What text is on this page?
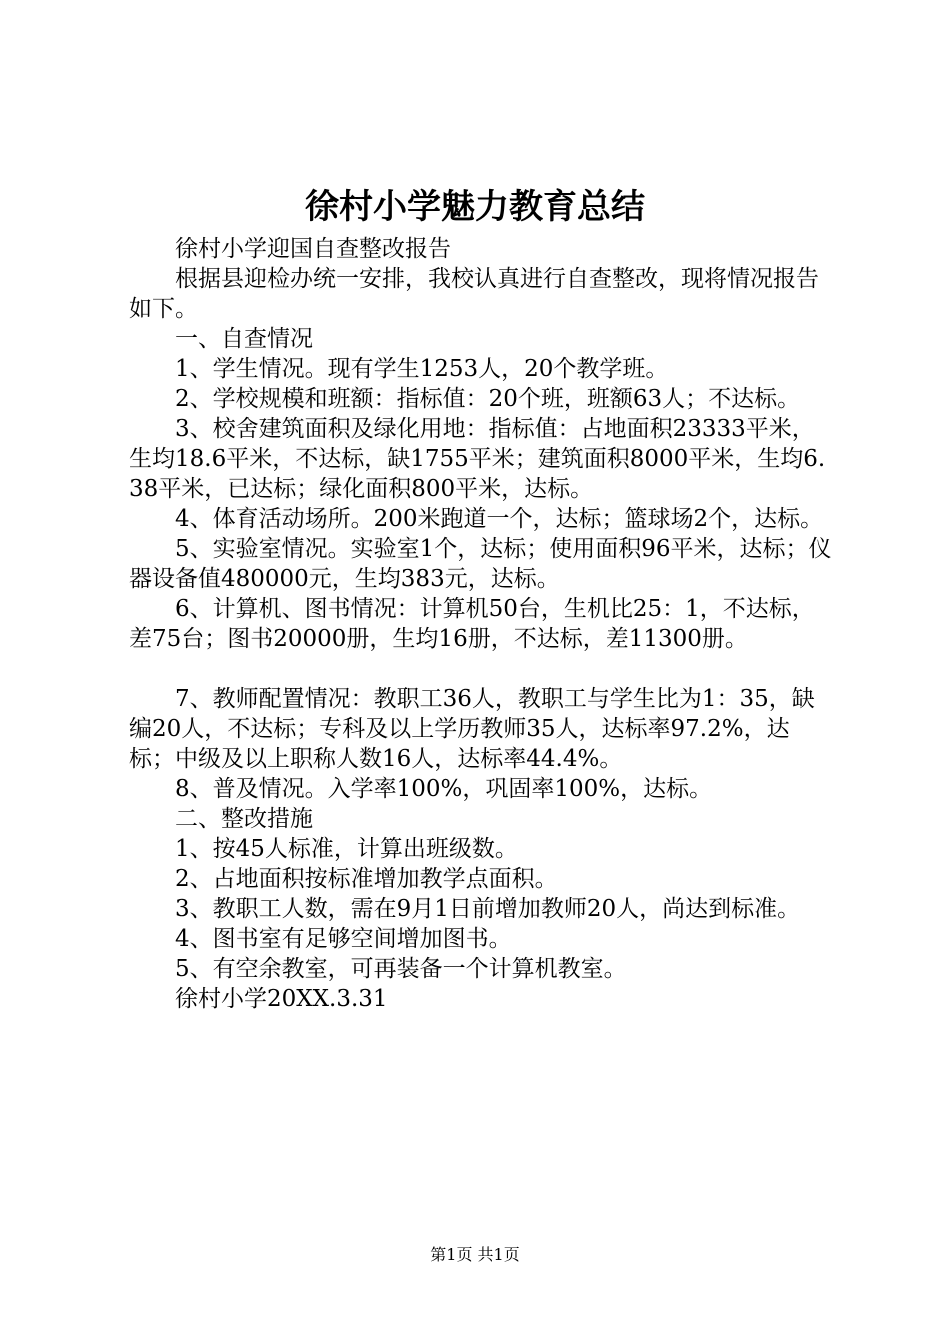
徐村小学魅力教育总结

徐村小学迎国自查整改报告

根据县迎检办统一安排，我校认真进行自查整改，现将情况报告如下。

一、自查情况

1、学生情况。现有学生1253人，20个教学班。

2、学校规模和班额：指标值：20个班，班额63人；不达标。

3、校舍建筑面积及绿化用地：指标值：占地面积23333平米，生均18.6平米，不达标，缺1755平米；建筑面积8000平米，生均6.38平米，已达标；绿化面积800平米，达标。

4、体育活动场所。200米跑道一个，达标；篮球场2个，达标。

5、实验室情况。实验室1个，达标；使用面积96平米，达标；仪器设备值480000元，生均383元，达标。

6、计算机、图书情况：计算机50台，生机比25：1，不达标，差75台；图书20000册，生均16册，不达标，差11300册。

7、教师配置情况：教职工36人，教职工与学生比为1：35，缺编20人，不达标；专科及以上学历教师35人，达标率97.2%，达标；中级及以上职称人数16人，达标率44.4%。

8、普及情况。入学率100%，巩固率100%，达标。

二、整改措施

1、按45人标准，计算出班级数。

2、占地面积按标准增加教学点面积。

3、教职工人数，需在9月1日前增加教师20人，尚达到标准。

4、图书室有足够空间增加图书。

5、有空余教室，可再装备一个计算机教室。

徐村小学20XX.3.31

第1页 共1页
